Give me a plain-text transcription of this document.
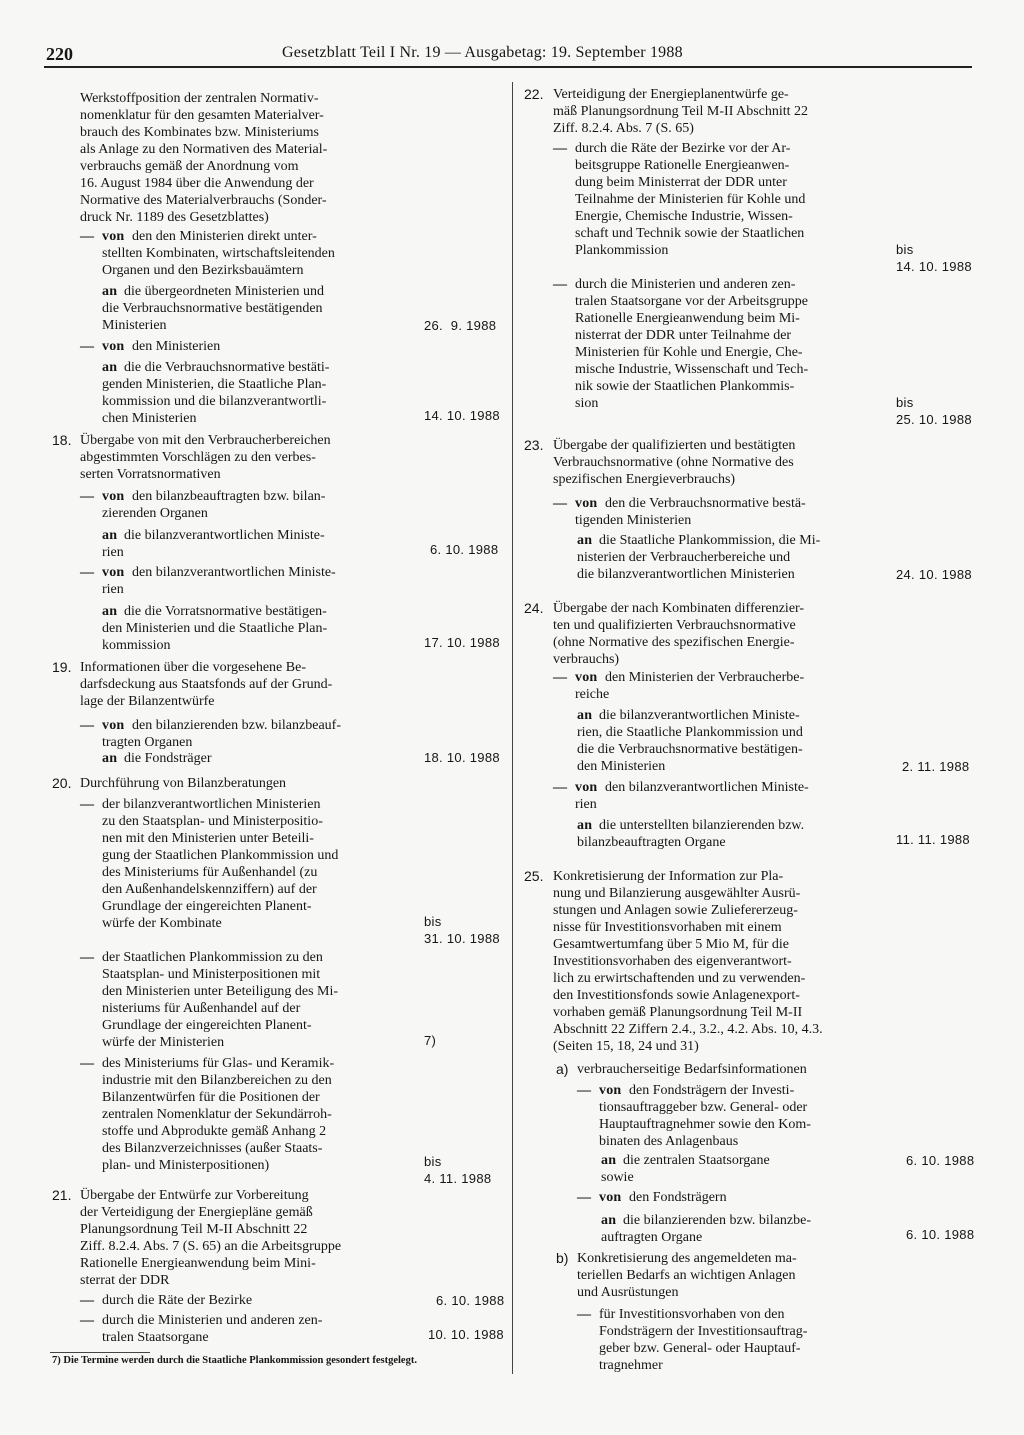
220	Gesetzblatt Teil I Nr. 19 — Ausgabetag: 19. September 1988
Werkstoffposition der zentralen Normativ-
nomenklatur für den gesamten Materialver-
brauch des Kombinates bzw. Ministeriums
als Anlage zu den Normativen des Material-
verbrauchs gemäß der Anordnung vom
16. August 1984 über die Anwendung der
Normative des Materialverbrauchs (Sonder-
druck Nr. 1189 des Gesetzblattes)
— von den den Ministerien direkt unter-
stellten Kombinaten, wirtschaftsleitenden
Organen und den Bezirksbauämtern
an die übergeordneten Ministerien und
die Verbrauchsnormative bestätigenden
Ministerien	26.  9. 1988
— von den Ministerien
an die die Verbrauchsnormative bestäti-
genden Ministerien, die Staatliche Plan-
kommission und die bilanzverantwortli-
chen Ministerien	14. 10. 1988
18. Übergabe von mit den Verbraucherbereichen
abgestimmten Vorschlägen zu den verbes-
serten Vorratsnormativen
— von den bilanzbeauftragten bzw. bilan-
zierenden Organen
an die bilanzverantwortlichen Ministe-
rien	6. 10. 1988
— von den bilanzverantwortlichen Ministe-
rien
an die die Vorratsnormative bestätigen-
den Ministerien und die Staatliche Plan-
kommission	17. 10. 1988
19. Informationen über die vorgesehene Be-
darfsdeckung aus Staatsfonds auf der Grund-
lage der Bilanzentwürfe
— von den bilanzierenden bzw. bilanzbeauf-
tragten Organen
an die Fondsträger	18. 10. 1988
20. Durchführung von Bilanzberatungen
— der bilanzverantwortlichen Ministerien
zu den Staatsplan- und Ministerpositio-
nen mit den Ministerien unter Beteili-
gung der Staatlichen Plankommission und
des Ministeriums für Außenhandel (zu
den Außenhandelskennziffern) auf der
Grundlage der eingereichten Planent-
würfe der Kombinate	bis
31. 10. 1988
— der Staatlichen Plankommission zu den
Staatsplan- und Ministerpositionen mit
den Ministerien unter Beteiligung des Mi-
nisteriums für Außenhandel auf der
Grundlage der eingereichten Planent-
würfe der Ministerien	7)
— des Ministeriums für Glas- und Keramik-
industrie mit den Bilanzbereichen zu den
Bilanzentwürfen für die Positionen der
zentralen Nomenklatur der Sekundärroh-
stoffe und Abprodukte gemäß Anhang 2
des Bilanzverzeichnisses (außer Staats-
plan- und Ministerpositionen)	bis
4. 11. 1988
21. Übergabe der Entwürfe zur Vorbereitung
der Verteidigung der Energiepläne gemäß
Planungsordnung Teil M-II Abschnitt 22
Ziff. 8.2.4. Abs. 7 (S. 65) an die Arbeitsgruppe
Rationelle Energieanwendung beim Mini-
sterrat der DDR
— durch die Räte der Bezirke	6. 10. 1988
— durch die Ministerien und anderen zen-
tralen Staatsorgane	10. 10. 1988
22. Verteidigung der Energieplanentwürfe ge-
mäß Planungsordnung Teil M-II Abschnitt 22
Ziff. 8.2.4. Abs. 7 (S. 65)
— durch die Räte der Bezirke vor der Ar-
beitsgruppe Rationelle Energieanwen-
dung beim Ministerrat der DDR unter
Teilnahme der Ministerien für Kohle und
Energie, Chemische Industrie, Wissen-
schaft und Technik sowie der Staatlichen
Plankommission	bis
14. 10. 1988
— durch die Ministerien und anderen zen-
tralen Staatsorgane vor der Arbeitsgruppe
Rationelle Energieanwendung beim Mi-
nisterrat der DDR unter Teilnahme der
Ministerien für Kohle und Energie, Che-
mische Industrie, Wissenschaft und Tech-
nik sowie der Staatlichen Plankommis-
sion	bis
25. 10. 1988
23. Übergabe der qualifizierten und bestätigten
Verbrauchsnormative (ohne Normative des
spezifischen Energieverbrauchs)
— von den die Verbrauchsnormative bestä-
tigenden Ministerien
an die Staatliche Plankommission, die Mi-
nisterien der Verbraucherbereiche und
die bilanzverantwortlichen Ministerien	24. 10. 1988
24. Übergabe der nach Kombinaten differenzier-
ten und qualifizierten Verbrauchsnormative
(ohne Normative des spezifischen Energie-
verbrauchs)
— von den Ministerien der Verbraucherbe-
reiche
an die bilanzverantwortlichen Ministe-
rien, die Staatliche Plankommission und
die die Verbrauchsnormative bestätigen-
den Ministerien	2. 11. 1988
— von den bilanzverantwortlichen Ministe-
rien
an die unterstellten bilanzierenden bzw.
bilanzbeauftragten Organe	11. 11. 1988
25. Konkretisierung der Information zur Pla-
nung und Bilanzierung ausgewählter Ausrü-
stungen und Anlagen sowie Zuliefererzeug-
nisse für Investitionsvorhaben mit einem
Gesamtwertumfang über 5 Mio M, für die
Investitionsvorhaben des eigenverantwort-
lich zu erwirtschaftenden und zu verwenden-
den Investitionsfonds sowie Anlagenexport-
vorhaben gemäß Planungsordnung Teil M-II
Abschnitt 22 Ziffern 2.4., 3.2., 4.2. Abs. 10, 4.3.
(Seiten 15, 18, 24 und 31)
a) verbraucherseitige Bedarfsinformationen
— von den Fondsträgern der Investi-
tionsauftraggeber bzw. General- oder
Hauptauftragnehmer sowie den Kom-
binaten des Anlagenbaus
an die zentralen Staatsorgane
sowie
6. 10. 1988
— von den Fondsträgern
an die bilanzierenden bzw. bilanzbe-
auftragten Organe	6. 10. 1988
b) Konkretisierung des angemeldeten ma-
teriellen Bedarfs an wichtigen Anlagen
und Ausrüstungen
— für Investitionsvorhaben von den
Fondsträgern der Investitionsauftrag-
geber bzw. General- oder Hauptauf-
tragnehmer
7) Die Termine werden durch die Staatliche Plankommission gesondert festgelegt.
